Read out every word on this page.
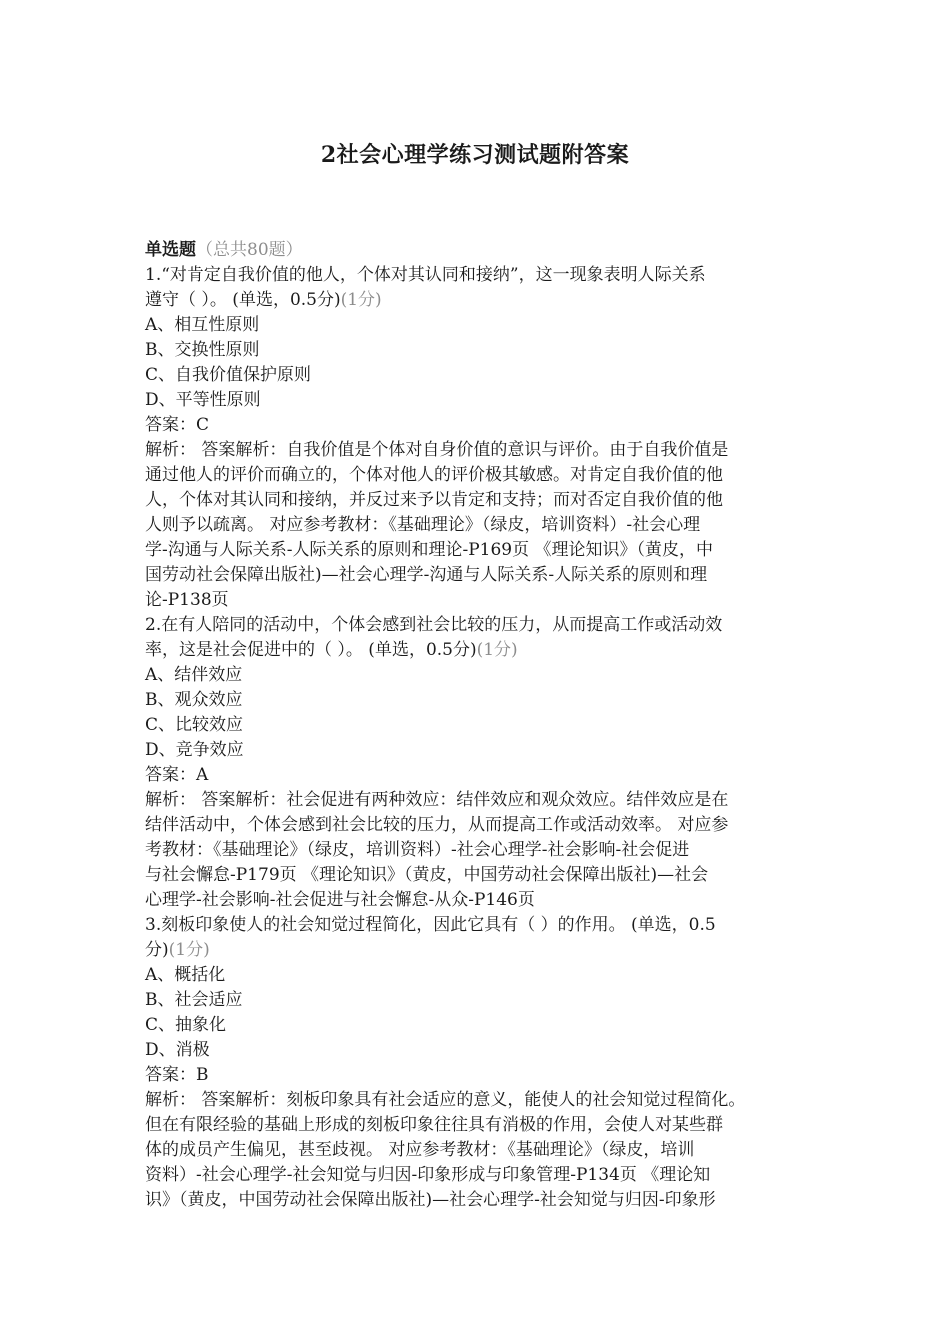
2社会心理学练习测试题附答案
单选题（总共80题）
1.“对肯定自我价值的他人，个体对其认同和接纳”，这一现象表明人际关系
遵守（ ）。 (单选，0.5分)(1分)
A、相互性原则
B、交换性原则
C、自我价值保护原则
D、平等性原则
答案：C
解析： 答案解析：自我价值是个体对自身价值的意识与评价。由于自我价值是
通过他人的评价而确立的，个体对他人的评价极其敏感。对肯定自我价值的他
人，个体对其认同和接纳，并反过来予以肯定和支持；而对否定自我价值的他
人则予以疏离。 对应参考教材：《基础理论》（绿皮，培训资料）-社会心理
学-沟通与人际关系-人际关系的原则和理论-P169页 《理论知识》（黄皮，中
国劳动社会保障出版社)—社会心理学-沟通与人际关系-人际关系的原则和理
论-P138页
2.在有人陪同的活动中，个体会感到社会比较的压力，从而提高工作或活动效
率，这是社会促进中的（ ）。 (单选，0.5分)(1分)
A、结伴效应
B、观众效应
C、比较效应
D、竞争效应
答案：A
解析： 答案解析：社会促进有两种效应：结伴效应和观众效应。结伴效应是在
结伴活动中，个体会感到社会比较的压力，从而提高工作或活动效率。 对应参
考教材：《基础理论》（绿皮，培训资料）-社会心理学-社会影响-社会促进
与社会懈怠-P179页 《理论知识》（黄皮，中国劳动社会保障出版社)—社会
心理学-社会影响-社会促进与社会懈怠-从众-P146页
3.刻板印象使人的社会知觉过程简化，因此它具有（ ）的作用。 (单选，0.5
分)(1分)
A、概括化
B、社会适应
C、抽象化
D、消极
答案：B
解析： 答案解析：刻板印象具有社会适应的意义，能使人的社会知觉过程简化。
但在有限经验的基础上形成的刻板印象往往具有消极的作用，会使人对某些群
体的成员产生偏见，甚至歧视。 对应参考教材：《基础理论》（绿皮，培训
资料）-社会心理学-社会知觉与归因-印象形成与印象管理-P134页 《理论知
识》（黄皮，中国劳动社会保障出版社)—社会心理学-社会知觉与归因-印象形
